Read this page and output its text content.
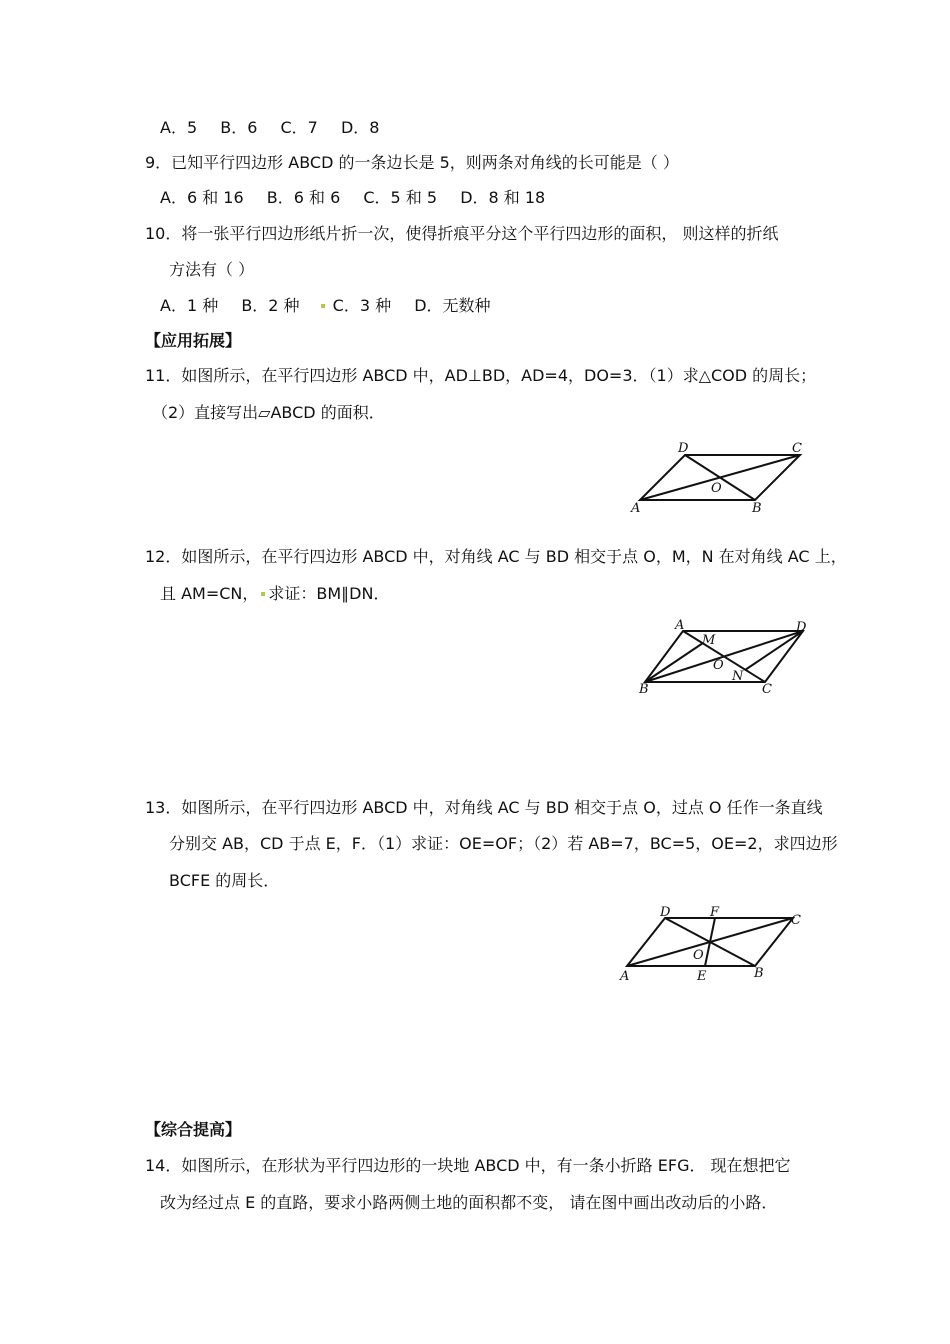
A．5 B．6 C．7 D．8
9．已知平行四边形 ABCD 的一条边长是 5，则两条对角线的长可能是（ ）
A．6 和 16 B．6 和 6 C．5 和 5 D．8 和 18
10．将一张平行四边形纸片折一次，使得折痕平分这个平行四边形的面积， 则这样的折纸
方法有（ ）
A．1 种 B．2 种 C．3 种 D．无数种
【应用拓展】
11．如图所示，在平行四边形 ABCD 中，AD⊥BD，AD=4，DO=3．（1）求△COD 的周长；
（2）直接写出▱ABCD 的面积．
A	B
C
D
O
12．如图所示，在平行四边形 ABCD 中，对角线 AC 与 BD 相交于点 O，M，N 在对角线 AC 上，
且 AM=CN， 求证：BM∥DN．
A
B	C
D
M
N
O
13．如图所示，在平行四边形 ABCD 中，对角线 AC 与 BD 相交于点 O，过点 O 任作一条直线
分别交 AB，CD 于点 E，F．（1）求证：OE=OF；（2）若 AB=7，BC=5，OE=2，求四边形
BCFE 的周长．
A	B
C
D
E
F
O
【综合提高】
14．如图所示，在形状为平行四边形的一块地 ABCD 中，有一条小折路 EFG． 现在想把它
改为经过点 E 的直路，要求小路两侧土地的面积都不变， 请在图中画出改动后的小路．
